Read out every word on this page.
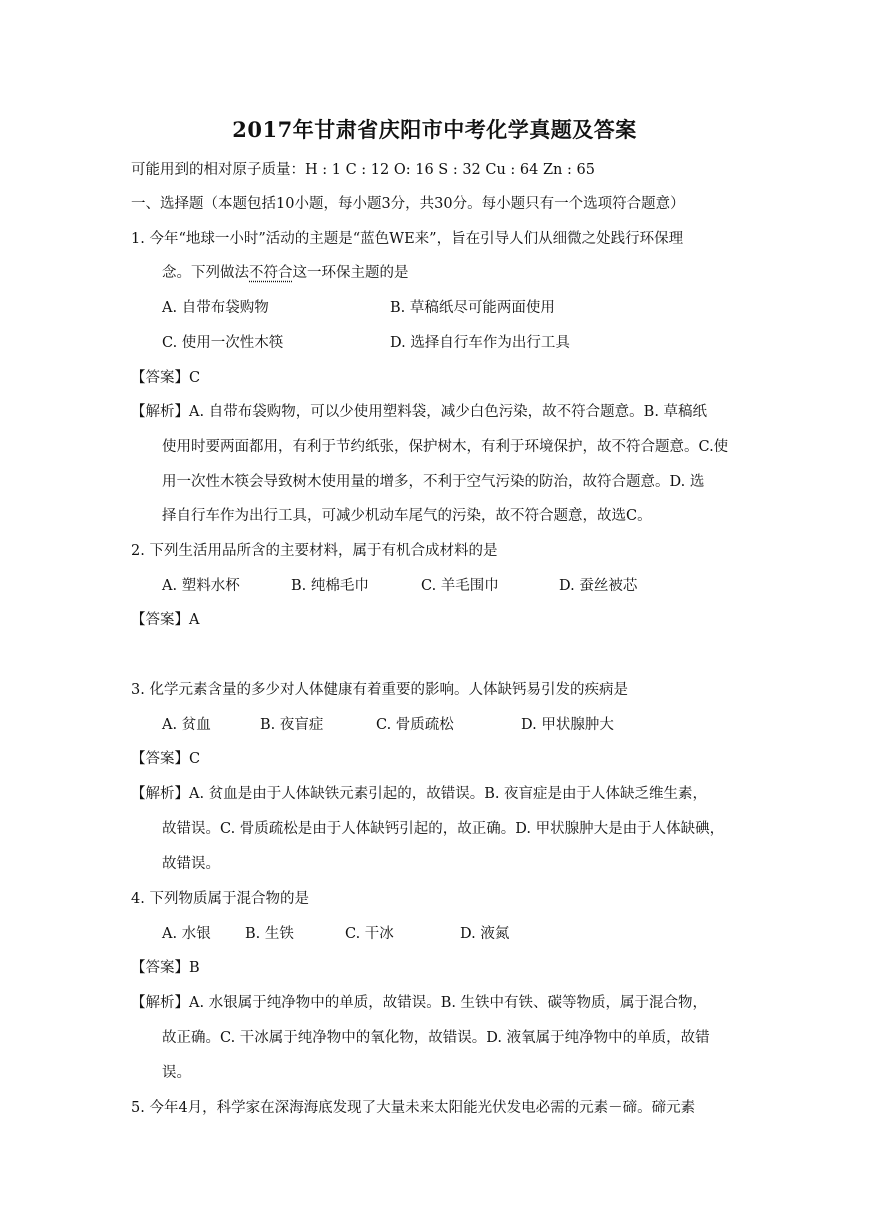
2017年甘肃省庆阳市中考化学真题及答案
可能用到的相对原子质量：H : 1 C : 12 O: 16 S : 32 Cu : 64 Zn : 65
一、选择题（本题包括10小题，每小题3分，共30分。每小题只有一个选项符合题意）
1. 今年“地球一小时”活动的主题是“蓝色WE来”，旨在引导人们从细微之处践行环保理
念。下列做法不符合这一环保主题的是
A. 自带布袋购物	B. 草稿纸尽可能两面使用
C. 使用一次性木筷	D. 选择自行车作为出行工具
【答案】C
【解析】A. 自带布袋购物，可以少使用塑料袋，减少白色污染，故不符合题意。B. 草稿纸
使用时要两面都用，有利于节约纸张，保护树木，有利于环境保护，故不符合题意。C.使
用一次性木筷会导致树木使用量的增多，不利于空气污染的防治，故符合题意。D. 选
择自行车作为出行工具，可减少机动车尾气的污染，故不符合题意，故选C。
2. 下列生活用品所含的主要材料，属于有机合成材料的是
A. 塑料水杯	B. 纯棉毛巾	C. 羊毛围巾	D. 蚕丝被芯
【答案】A
3. 化学元素含量的多少对人体健康有着重要的影响。人体缺钙易引发的疾病是
A. 贫血	B. 夜盲症	C. 骨质疏松	D. 甲状腺肿大
【答案】C
【解析】A. 贫血是由于人体缺铁元素引起的，故错误。B. 夜盲症是由于人体缺乏维生素，
故错误。C. 骨质疏松是由于人体缺钙引起的，故正确。D. 甲状腺肿大是由于人体缺碘，
故错误。
4. 下列物质属于混合物的是
A. 水银 B. 生铁	C. 干冰	D. 液氮
【答案】B
【解析】A. 水银属于纯净物中的单质，故错误。B. 生铁中有铁、碳等物质，属于混合物，
故正确。C. 干冰属于纯净物中的氧化物，故错误。D. 液氧属于纯净物中的单质，故错
误。
5. 今年4月，科学家在深海海底发现了大量未来太阳能光伏发电必需的元素－碲。碲元素
